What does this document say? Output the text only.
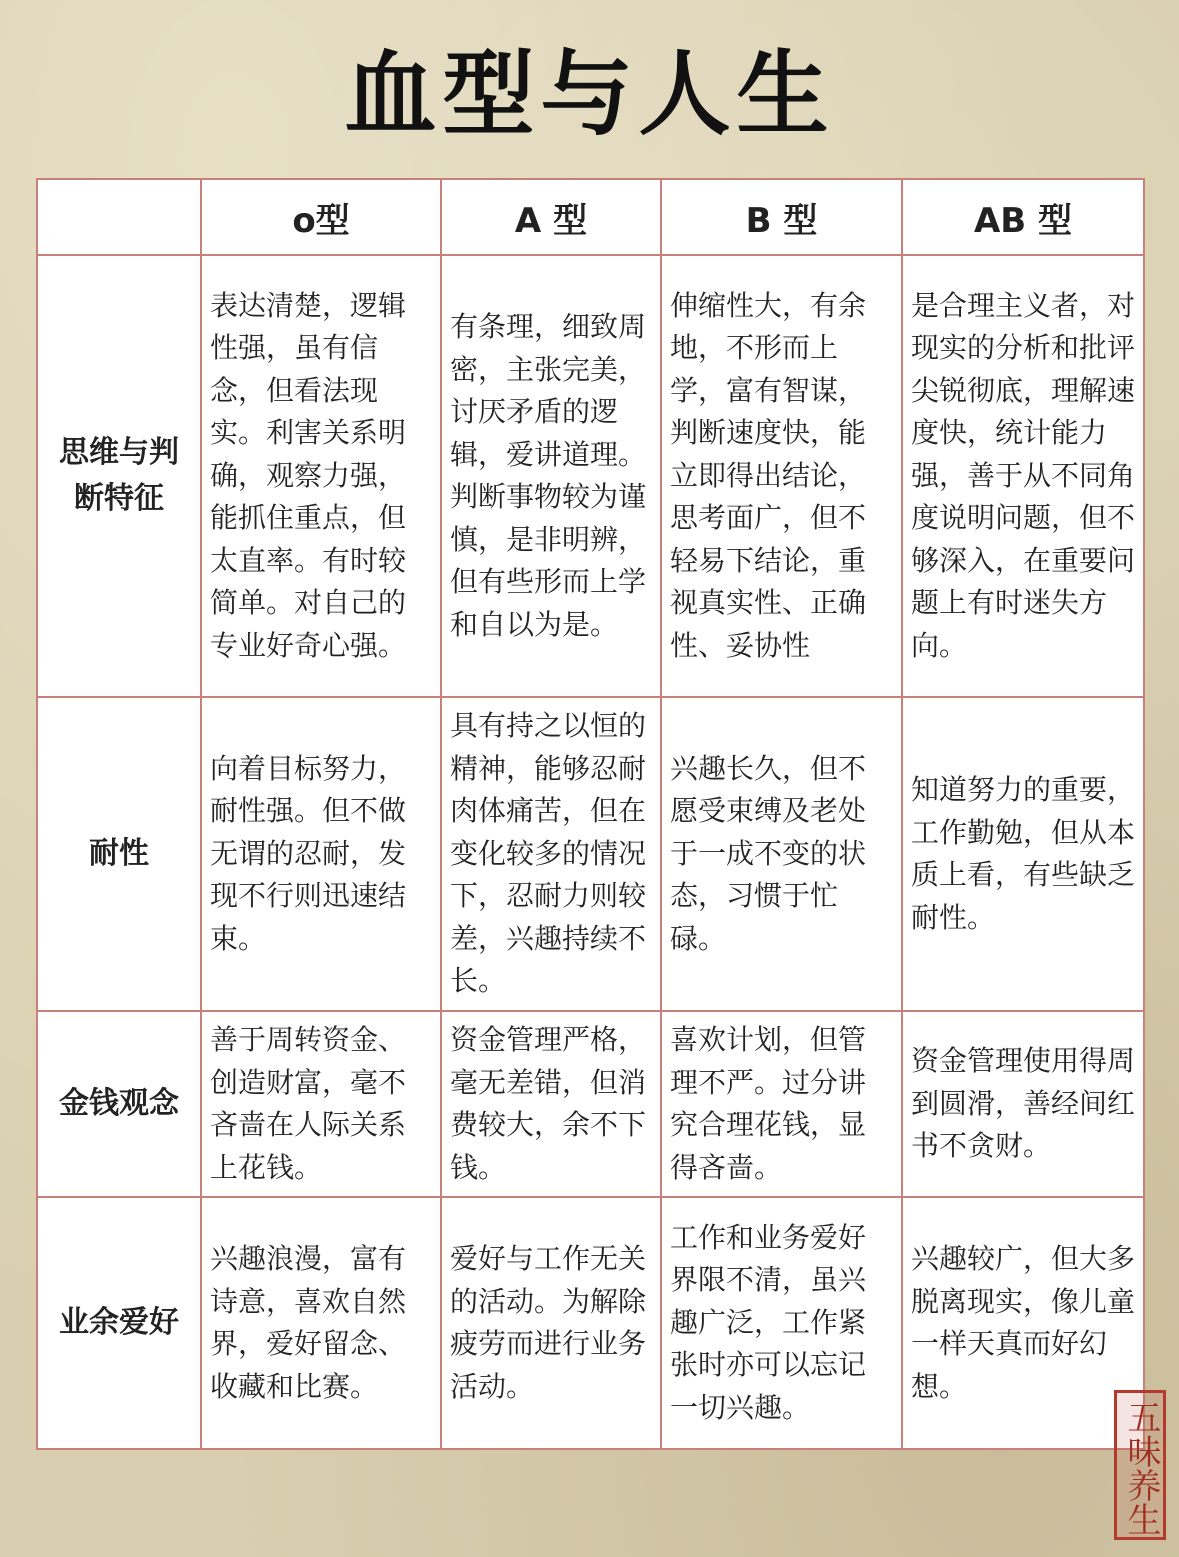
血型与人生
	o型	A 型	B 型	AB 型
思维与判断特征	表达清楚，逻辑性强，虽有信念，但看法现实。利害关系明确，观察力强，能抓住重点，但太直率。有时较简单。对自己的专业好奇心强。	有条理，细致周密，主张完美，讨厌矛盾的逻辑，爱讲道理。判断事物较为谨慎，是非明辨，但有些形而上学和自以为是。	伸缩性大，有余地，不形而上学，富有智谋，判断速度快，能立即得出结论，思考面广，但不轻易下结论，重视真实性、正确性、妥协性	是合理主义者，对现实的分析和批评尖锐彻底，理解速度快，统计能力强，善于从不同角度说明问题，但不够深入，在重要问题上有时迷失方向。
耐性	向着目标努力，耐性强。但不做无谓的忍耐，发现不行则迅速结束。	具有持之以恒的精神，能够忍耐肉体痛苦，但在变化较多的情况下，忍耐力则较差，兴趣持续不长。	兴趣长久，但不愿受束缚及老处于一成不变的状态，习惯于忙碌。	知道努力的重要，工作勤勉，但从本质上看，有些缺乏耐性。
金钱观念	善于周转资金、创造财富，毫不吝啬在人际关系上花钱。	资金管理严格，毫无差错，但消费较大，余不下钱。	喜欢计划，但管理不严。过分讲究合理花钱，显得吝啬。	资金管理使用得周到圆滑，善经间红书不贪财。
业余爱好	兴趣浪漫，富有诗意，喜欢自然界，爱好留念、收藏和比赛。	爱好与工作无关的活动。为解除疲劳而进行业务活动。	工作和业务爱好界限不清，虽兴趣广泛，工作紧张时亦可以忘记一切兴趣。	兴趣较广，但大多脱离现实，像儿童一样天真而好幻想。
五味养生
